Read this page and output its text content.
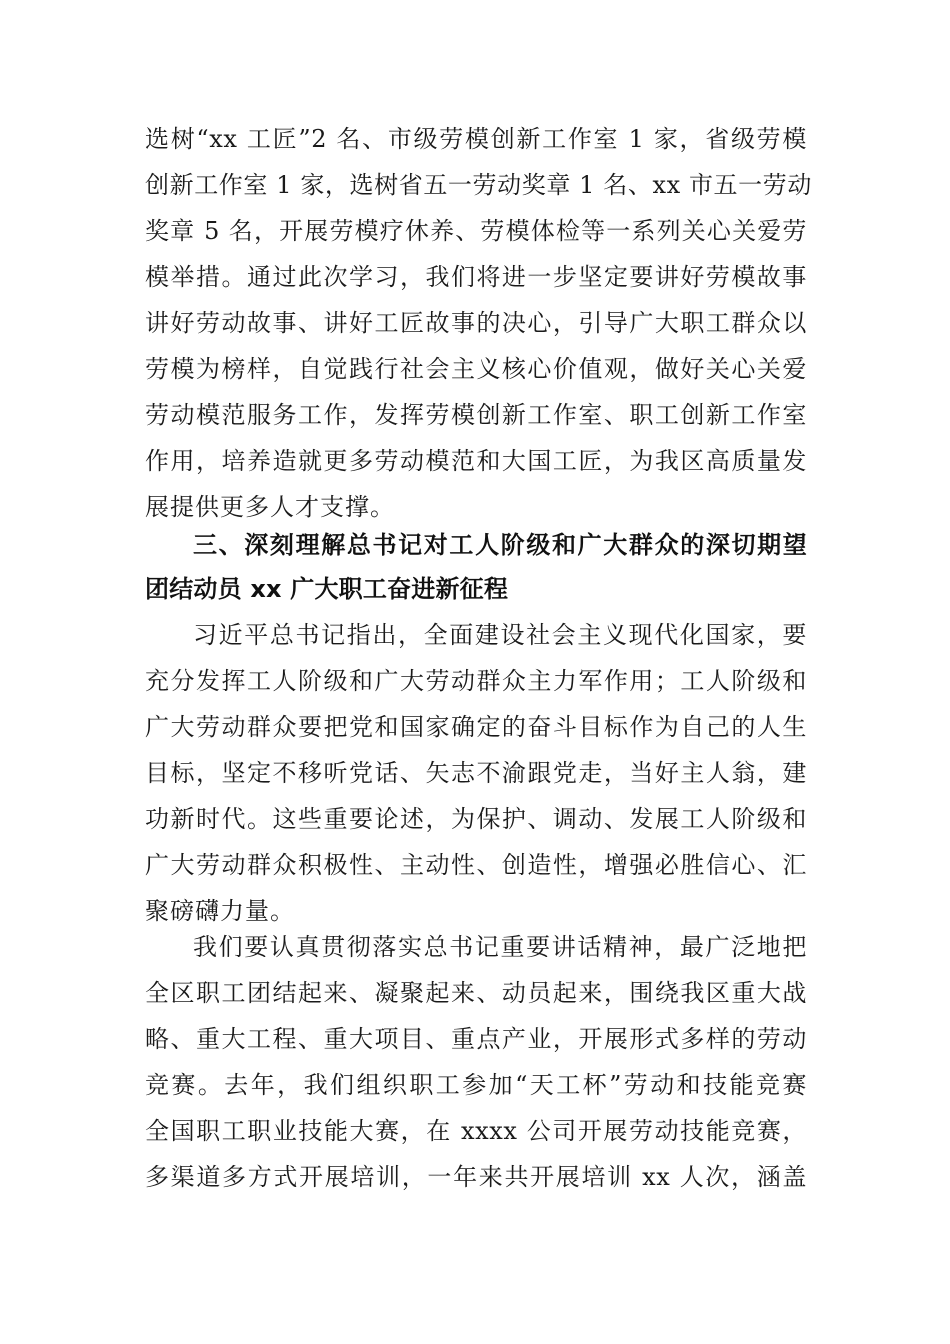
选树“xx 工匠”2 名、市级劳模创新工作室 1 家，省级劳模
创新工作室 1 家，选树省五一劳动奖章 1 名、xx 市五一劳动
奖章 5 名，开展劳模疗休养、劳模体检等一系列关心关爱劳
模举措。通过此次学习，我们将进一步坚定要讲好劳模故事
讲好劳动故事、讲好工匠故事的决心，引导广大职工群众以
劳模为榜样，自觉践行社会主义核心价值观，做好关心关爱
劳动模范服务工作，发挥劳模创新工作室、职工创新工作室
作用，培养造就更多劳动模范和大国工匠，为我区高质量发
展提供更多人才支撑。
三、深刻理解总书记对工人阶级和广大群众的深切期望
团结动员 xx 广大职工奋进新征程
习近平总书记指出，全面建设社会主义现代化国家，要
充分发挥工人阶级和广大劳动群众主力军作用；工人阶级和
广大劳动群众要把党和国家确定的奋斗目标作为自己的人生
目标，坚定不移听党话、矢志不渝跟党走，当好主人翁，建
功新时代。这些重要论述，为保护、调动、发展工人阶级和
广大劳动群众积极性、主动性、创造性，增强必胜信心、汇
聚磅礴力量。
我们要认真贯彻落实总书记重要讲话精神，最广泛地把
全区职工团结起来、凝聚起来、动员起来，围绕我区重大战
略、重大工程、重大项目、重点产业，开展形式多样的劳动
竞赛。去年，我们组织职工参加“天工杯”劳动和技能竞赛
全国职工职业技能大赛，在 xxxx 公司开展劳动技能竞赛，
多渠道多方式开展培训，一年来共开展培训 xx 人次，涵盖
